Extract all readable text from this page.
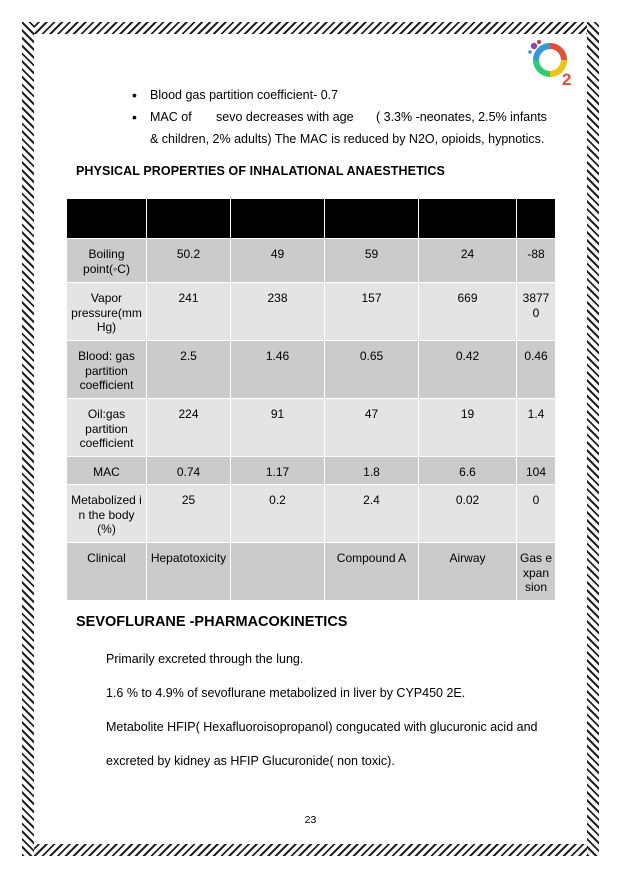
2
• Blood gas partition coefficient- 0.7
• MAC of sevo decreases with age ( 3.3% -neonates, 2.5% infants
& children, 2% adults) The MAC is reduced by N2O, opioids, hypnotics.
PHYSICAL PROPERTIES OF INHALATIONAL ANAESTHETICS

Boiling point(◦C)	50.2	49	59	24	-88
Vapor pressure(mm Hg)	241	238	157	669	38770
Blood: gas partition coefficient	2.5	1.46	0.65	0.42	0.46
Oil:gas partition coefficient	224	91	47	19	1.4
MAC	0.74	1.17	1.8	6.6	104
Metabolized in the body (%)	25	0.2	2.4	0.02	0
Clinical	Hepatotoxicity		Compound A	Airway	Gas expansion
SEVOFLURANE -PHARMACOKINETICS
Primarily excreted through the lung.
1.6 % to 4.9% of sevoflurane metabolized in liver by CYP450 2E.
Metabolite HFIP( Hexafluoroisopropanol) congucated with glucuronic acid and
excreted by kidney as HFIP Glucuronide( non toxic).
23
